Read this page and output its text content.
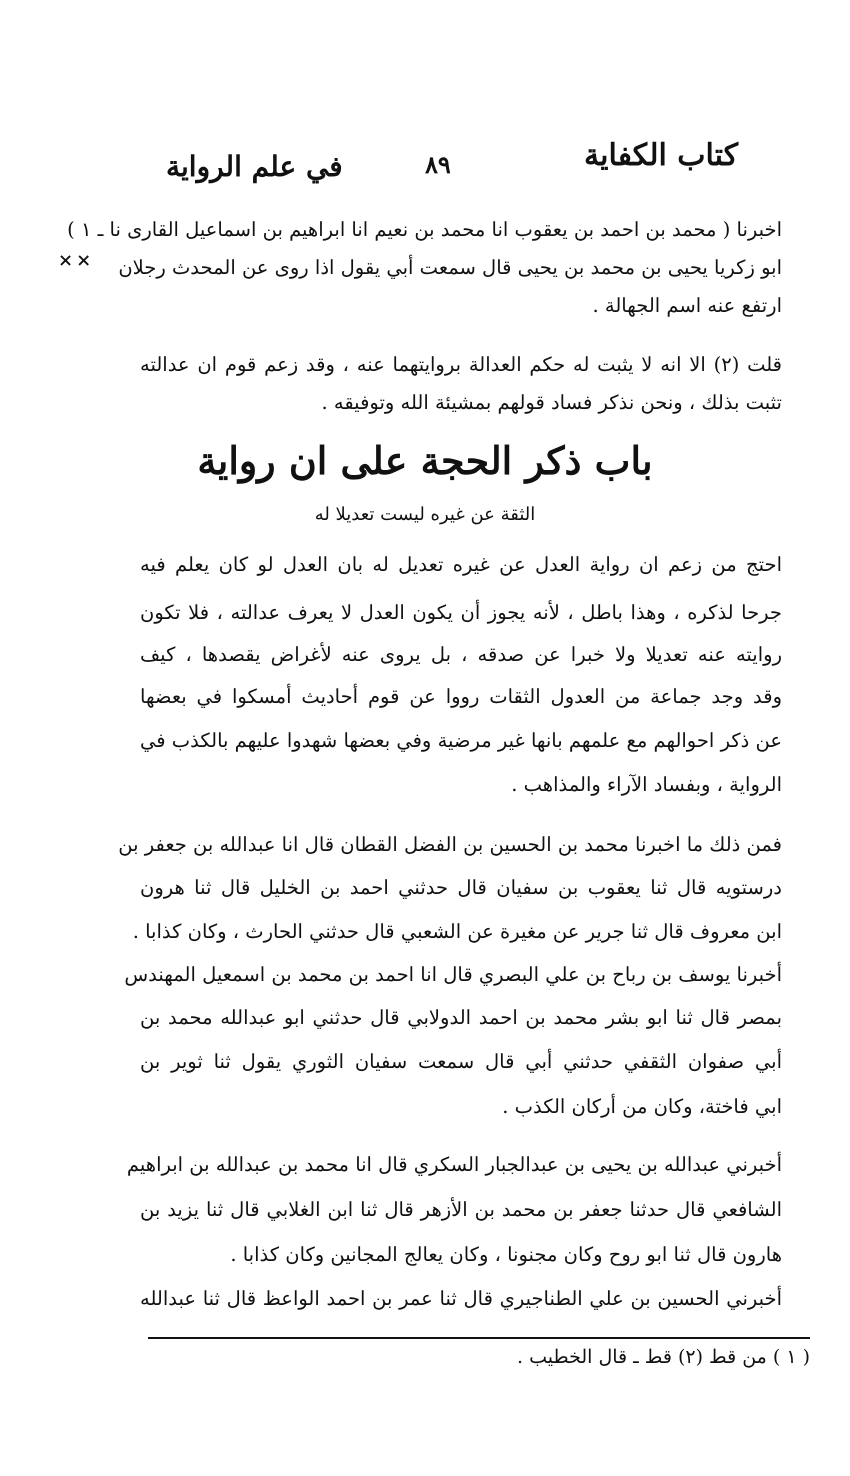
كتاب الكفاية
٨٩
في علم الرواية
××
اخبرنا ( محمد بن احمد بن يعقوب انا محمد بن نعيم انا ابراهيم بن اسماعيل القارى نا ـ ١ )
ابو زكريا يحيى بن محمد بن يحيى قال سمعت أبي يقول اذا روى عن المحدث رجلان
ارتفع عنه اسم الجهالة .
قلت (٢) الا انه لا يثبت له حكم العدالة بروايتهما عنه ، وقد زعم قوم ان عدالته
تثبت بذلك ، ونحن نذكر فساد قولهم بمشيئة الله وتوفيقه .
باب ذكر الحجة على ان رواية
الثقة عن غيره ليست تعديلا له
احتج من زعم ان رواية العدل عن غيره تعديل له بان العدل لو كان يعلم فيه
جرحا لذكره ، وهذا باطل ، لأنه يجوز أن يكون العدل لا يعرف عدالته ، فلا تكون
روايته عنه تعديلا ولا خبرا عن صدقه ، بل يروى عنه لأغراض يقصدها ، كيف
وقد وجد جماعة من العدول الثقات رووا عن قوم أحاديث أمسكوا في بعضها
عن ذكر احوالهم مع علمهم بانها غير مرضية وفي بعضها شهدوا عليهم بالكذب في
الرواية ، وبفساد الآراء والمذاهب .
فمن ذلك ما اخبرنا محمد بن الحسين بن الفضل القطان قال انا عبدالله بن جعفر بن
درستويه قال ثنا يعقوب بن سفيان قال حدثني احمد بن الخليل قال ثنا هرون
ابن معروف قال ثنا جرير عن مغيرة عن الشعبي قال حدثني الحارث ، وكان كذابا .
أخبرنا يوسف بن رباح بن علي البصري قال انا احمد بن محمد بن اسمعيل المهندس
بمصر قال ثنا ابو بشر محمد بن احمد الدولابي قال حدثني ابو عبدالله محمد بن
أبي صفوان الثقفي حدثني أبي قال سمعت سفيان الثوري يقول ثنا ثوير بن
ابي فاختة، وكان من أركان الكذب .
أخبرني عبدالله بن يحيى بن عبدالجبار السكري قال انا محمد بن عبدالله بن ابراهيم
الشافعي قال حدثنا جعفر بن محمد بن الأزهر قال ثنا ابن الغلابي قال ثنا يزيد بن
هارون قال ثنا ابو روح وكان مجنونا ، وكان يعالج المجانين وكان كذابا .
أخبرني الحسين بن علي الطناجيري قال ثنا عمر بن احمد الواعظ قال ثنا عبدالله
( ١ ) من قط (٢) قط ـ قال الخطيب .
